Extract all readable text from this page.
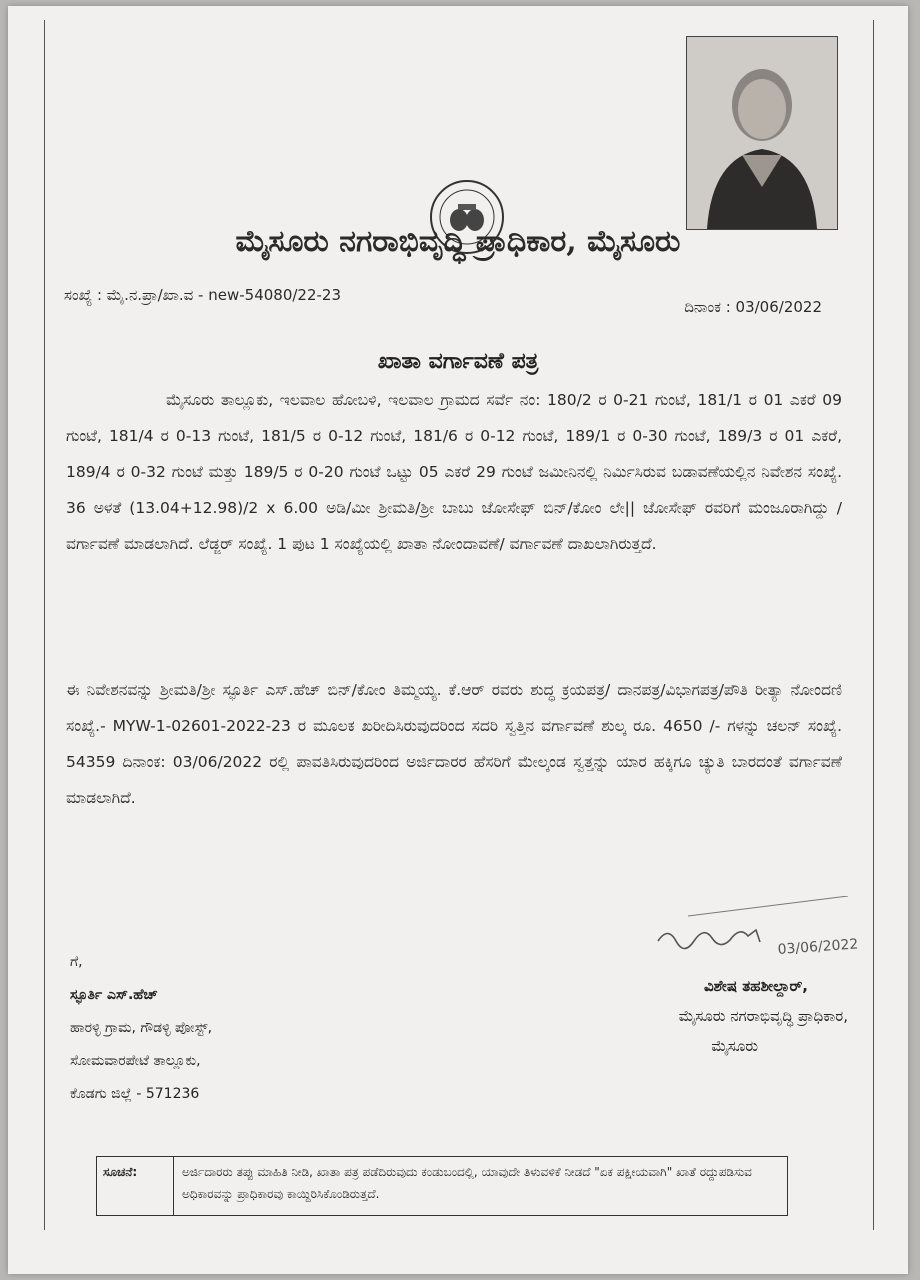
ಮೈಸೂರು ನಗರಾಭಿವೃದ್ಧಿ ಪ್ರಾಧಿಕಾರ, ಮೈಸೂರು
ಸಂಖ್ಯೆ : ಮೈ.ನ.ಪ್ರಾ/ಖಾ.ವ - new-54080/22-23
ದಿನಾಂಕ : 03/06/2022
ಖಾತಾ ವರ್ಗಾವಣೆ ಪತ್ರ
ಮೈಸೂರು ತಾಲ್ಲೂಕು, ಇಲವಾಲ ಹೋಬಳಿ, ಇಲವಾಲ ಗ್ರಾಮದ ಸರ್ವೆ ನಂ: 180/2 ರ 0-21 ಗುಂಟೆ, 181/1 ರ 01 ಎಕರೆ 09 ಗುಂಟೆ, 181/4 ರ 0-13 ಗುಂಟೆ, 181/5 ರ 0-12 ಗುಂಟೆ, 181/6 ರ 0-12 ಗುಂಟೆ, 189/1 ರ 0-30 ಗುಂಟೆ, 189/3 ರ 01 ಎಕರೆ, 189/4 ರ 0-32 ಗುಂಟೆ ಮತ್ತು 189/5 ರ 0-20 ಗುಂಟೆ ಒಟ್ಟು 05 ಎಕರೆ 29 ಗುಂಟೆ ಜಮೀನಿನಲ್ಲಿ ನಿರ್ಮಿಸಿರುವ ಬಡಾವಣೆಯಲ್ಲಿನ ನಿವೇಶನ ಸಂಖ್ಯೆ. 36 ಅಳತೆ (13.04+12.98)/2 x 6.00 ಅಡಿ/ಮೀ ಶ್ರೀಮತಿ/ಶ್ರೀ ಬಾಬು ಜೋಸೇಫ್ ಬಿನ್/ಕೋಂ ಲೇ|| ಜೋಸೇಫ್ ರವರಿಗೆ ಮಂಜೂರಾಗಿದ್ದು / ವರ್ಗಾವಣೆ ಮಾಡಲಾಗಿದೆ. ಲೆಡ್ಜರ್ ಸಂಖ್ಯೆ. 1 ಪುಟ 1 ಸಂಖ್ಯೆಯಲ್ಲಿ ಖಾತಾ ನೋಂದಾವಣೆ/ ವರ್ಗಾವಣೆ ದಾಖಲಾಗಿರುತ್ತದೆ.
ಈ ನಿವೇಶನವನ್ನು ಶ್ರೀಮತಿ/ಶ್ರೀ ಸ್ಫೂರ್ತಿ ಎಸ್.ಹೆಚ್ ಬಿನ್/ಕೋಂ ತಿಮ್ಮಯ್ಯ. ಕೆ.ಆರ್ ರವರು ಶುದ್ಧ ಕ್ರಯಪತ್ರ/ ದಾನಪತ್ರ/ವಿಭಾಗಪತ್ರ/ಪೌತಿ ರೀತ್ಯಾ ನೋಂದಣಿ ಸಂಖ್ಯೆ.- MYW-1-02601-2022-23 ರ ಮೂಲಕ ಖರೀದಿಸಿರುವುದರಿಂದ ಸದರಿ ಸ್ವತ್ತಿನ ವರ್ಗಾವಣೆ ಶುಲ್ಕ ರೂ. 4650 /- ಗಳನ್ನು ಚಲನ್ ಸಂಖ್ಯೆ. 54359 ದಿನಾಂಕ: 03/06/2022 ರಲ್ಲಿ ಪಾವತಿಸಿರುವುದರಿಂದ ಅರ್ಜಿದಾರರ ಹೆಸರಿಗೆ ಮೇಲ್ಕಂಡ ಸ್ವತ್ತನ್ನು ಯಾರ ಹಕ್ಕಿಗೂ ಚ್ಯುತಿ ಬಾರದಂತೆ ವರ್ಗಾವಣೆ ಮಾಡಲಾಗಿದೆ.
ಗೆ,
ಸ್ಫೂರ್ತಿ ಎಸ್.ಹೆಚ್
ಹಾರಳ್ಳಿ ಗ್ರಾಮ, ಗೌಡಳ್ಳಿ ಪೋಸ್ಟ್,
ಸೋಮವಾರಪೇಟೆ ತಾಲ್ಲೂಕು,
ಕೊಡಗು ಜಿಲ್ಲೆ - 571236
03/06/2022
ವಿಶೇಷ ತಹಶೀಲ್ದಾರ್,
ಮೈಸೂರು ನಗರಾಭಿವೃದ್ಧಿ ಪ್ರಾಧಿಕಾರ,
ಮೈಸೂರು
ಸೂಚನೆ:	ಅರ್ಜಿದಾರರು ತಪ್ಪು ಮಾಹಿತಿ ನೀಡಿ, ಖಾತಾ ಪತ್ರ ಪಡೆದಿರುವುದು ಕಂಡುಬಂದಲ್ಲಿ, ಯಾವುದೇ ತಿಳುವಳಿಕೆ ನೀಡದೆ "ಏಕ ಪಕ್ಷೀಯವಾಗಿ" ಖಾತೆ ರದ್ದುಪಡಿಸುವ ಅಧಿಕಾರವನ್ನು ಪ್ರಾಧಿಕಾರವು ಕಾಯ್ದಿರಿಸಿಕೊಂಡಿರುತ್ತದೆ.
